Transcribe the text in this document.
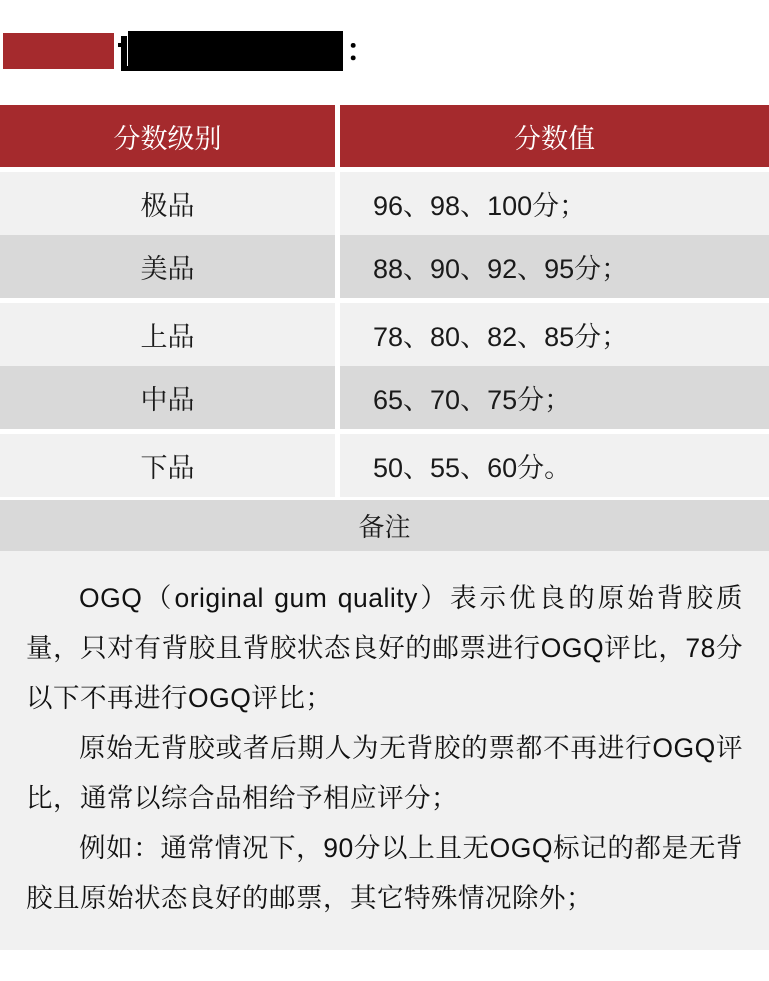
：
分数级别	分数值
极品	96、98、100分；
美品	88、90、92、95分；
上品	78、80、82、85分；
中品	65、70、75分；
下品	50、55、60分。
备注

OGQ（original gum quality）表示优良的原始背胶质量，只对有背胶且背胶状态良好的邮票进行OGQ评比，78分以下不再进行OGQ评比；

原始无背胶或者后期人为无背胶的票都不再进行OGQ评比，通常以综合品相给予相应评分；

例如：通常情况下，90分以上且无OGQ标记的都是无背胶且原始状态良好的邮票，其它特殊情况除外；
